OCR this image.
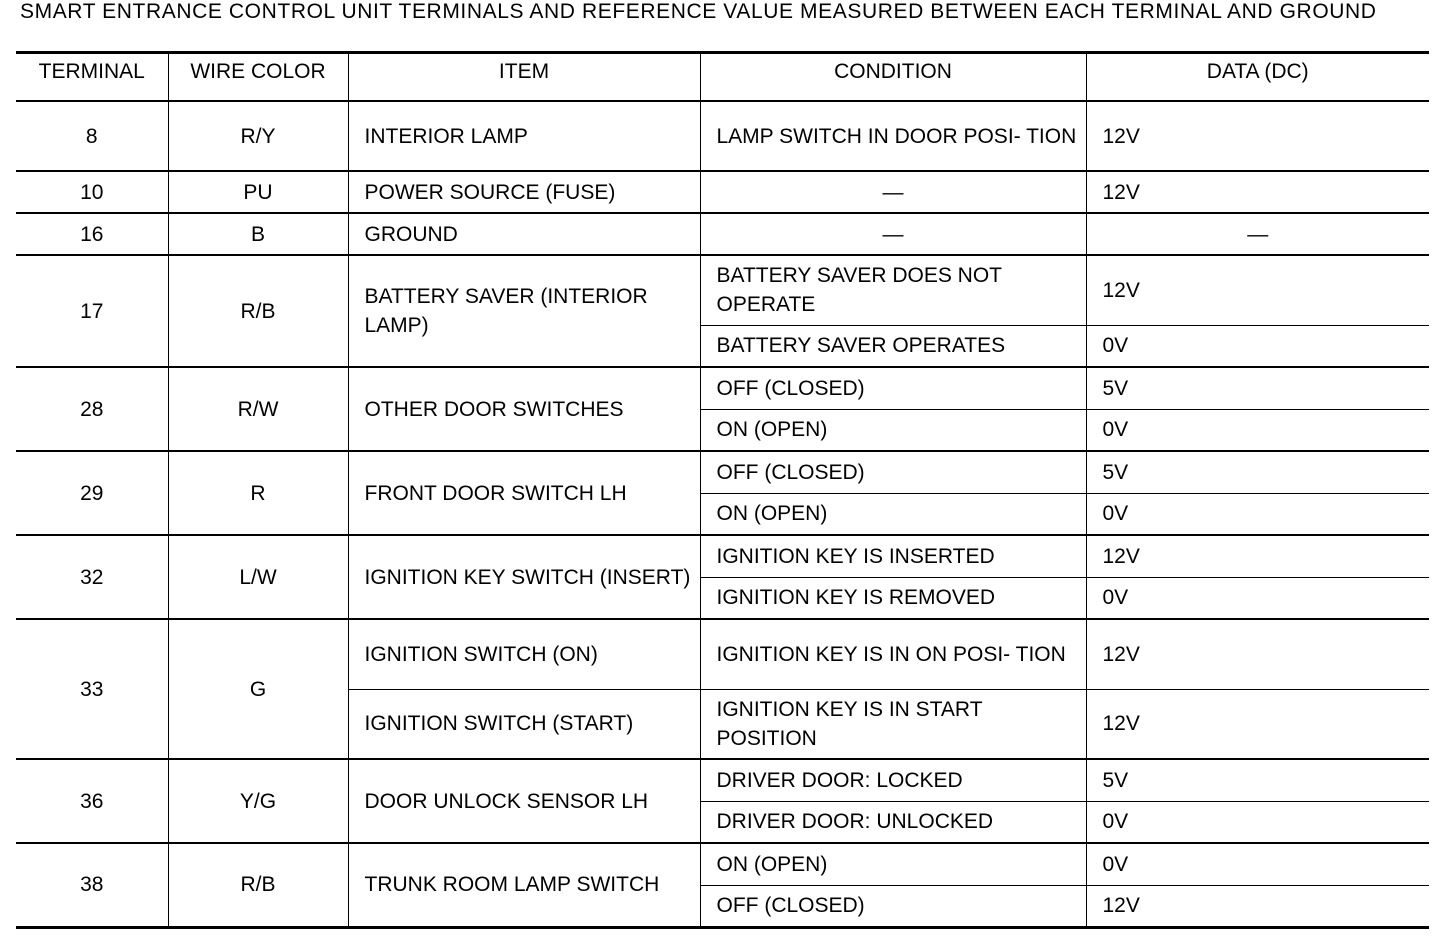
SMART ENTRANCE CONTROL UNIT TERMINALS AND REFERENCE VALUE MEASURED BETWEEN EACH TERMINAL AND GROUND
TERMINAL	WIRE COLOR	ITEM	CONDITION	DATA (DC)
8	R/Y	INTERIOR LAMP	LAMP SWITCH IN DOOR POSI- TION	12V
10	PU	POWER SOURCE (FUSE)	—	12V
16	B	GROUND	—	—
17	R/B	BATTERY SAVER (INTERIOR LAMP)	BATTERY SAVER DOES NOT OPERATE	12V
			BATTERY SAVER OPERATES	0V
28	R/W	OTHER DOOR SWITCHES	OFF (CLOSED)	5V
			ON (OPEN)	0V
29	R	FRONT DOOR SWITCH LH	OFF (CLOSED)	5V
			ON (OPEN)	0V
32	L/W	IGNITION KEY SWITCH (INSERT)	IGNITION KEY IS INSERTED	12V
			IGNITION KEY IS REMOVED	0V
33	G	IGNITION SWITCH (ON)	IGNITION KEY IS IN ON POSI- TION	12V
		IGNITION SWITCH (START)	IGNITION KEY IS IN START POSITION	12V
36	Y/G	DOOR UNLOCK SENSOR LH	DRIVER DOOR: LOCKED	5V
			DRIVER DOOR: UNLOCKED	0V
38	R/B	TRUNK ROOM LAMP SWITCH	ON (OPEN)	0V
			OFF (CLOSED)	12V
